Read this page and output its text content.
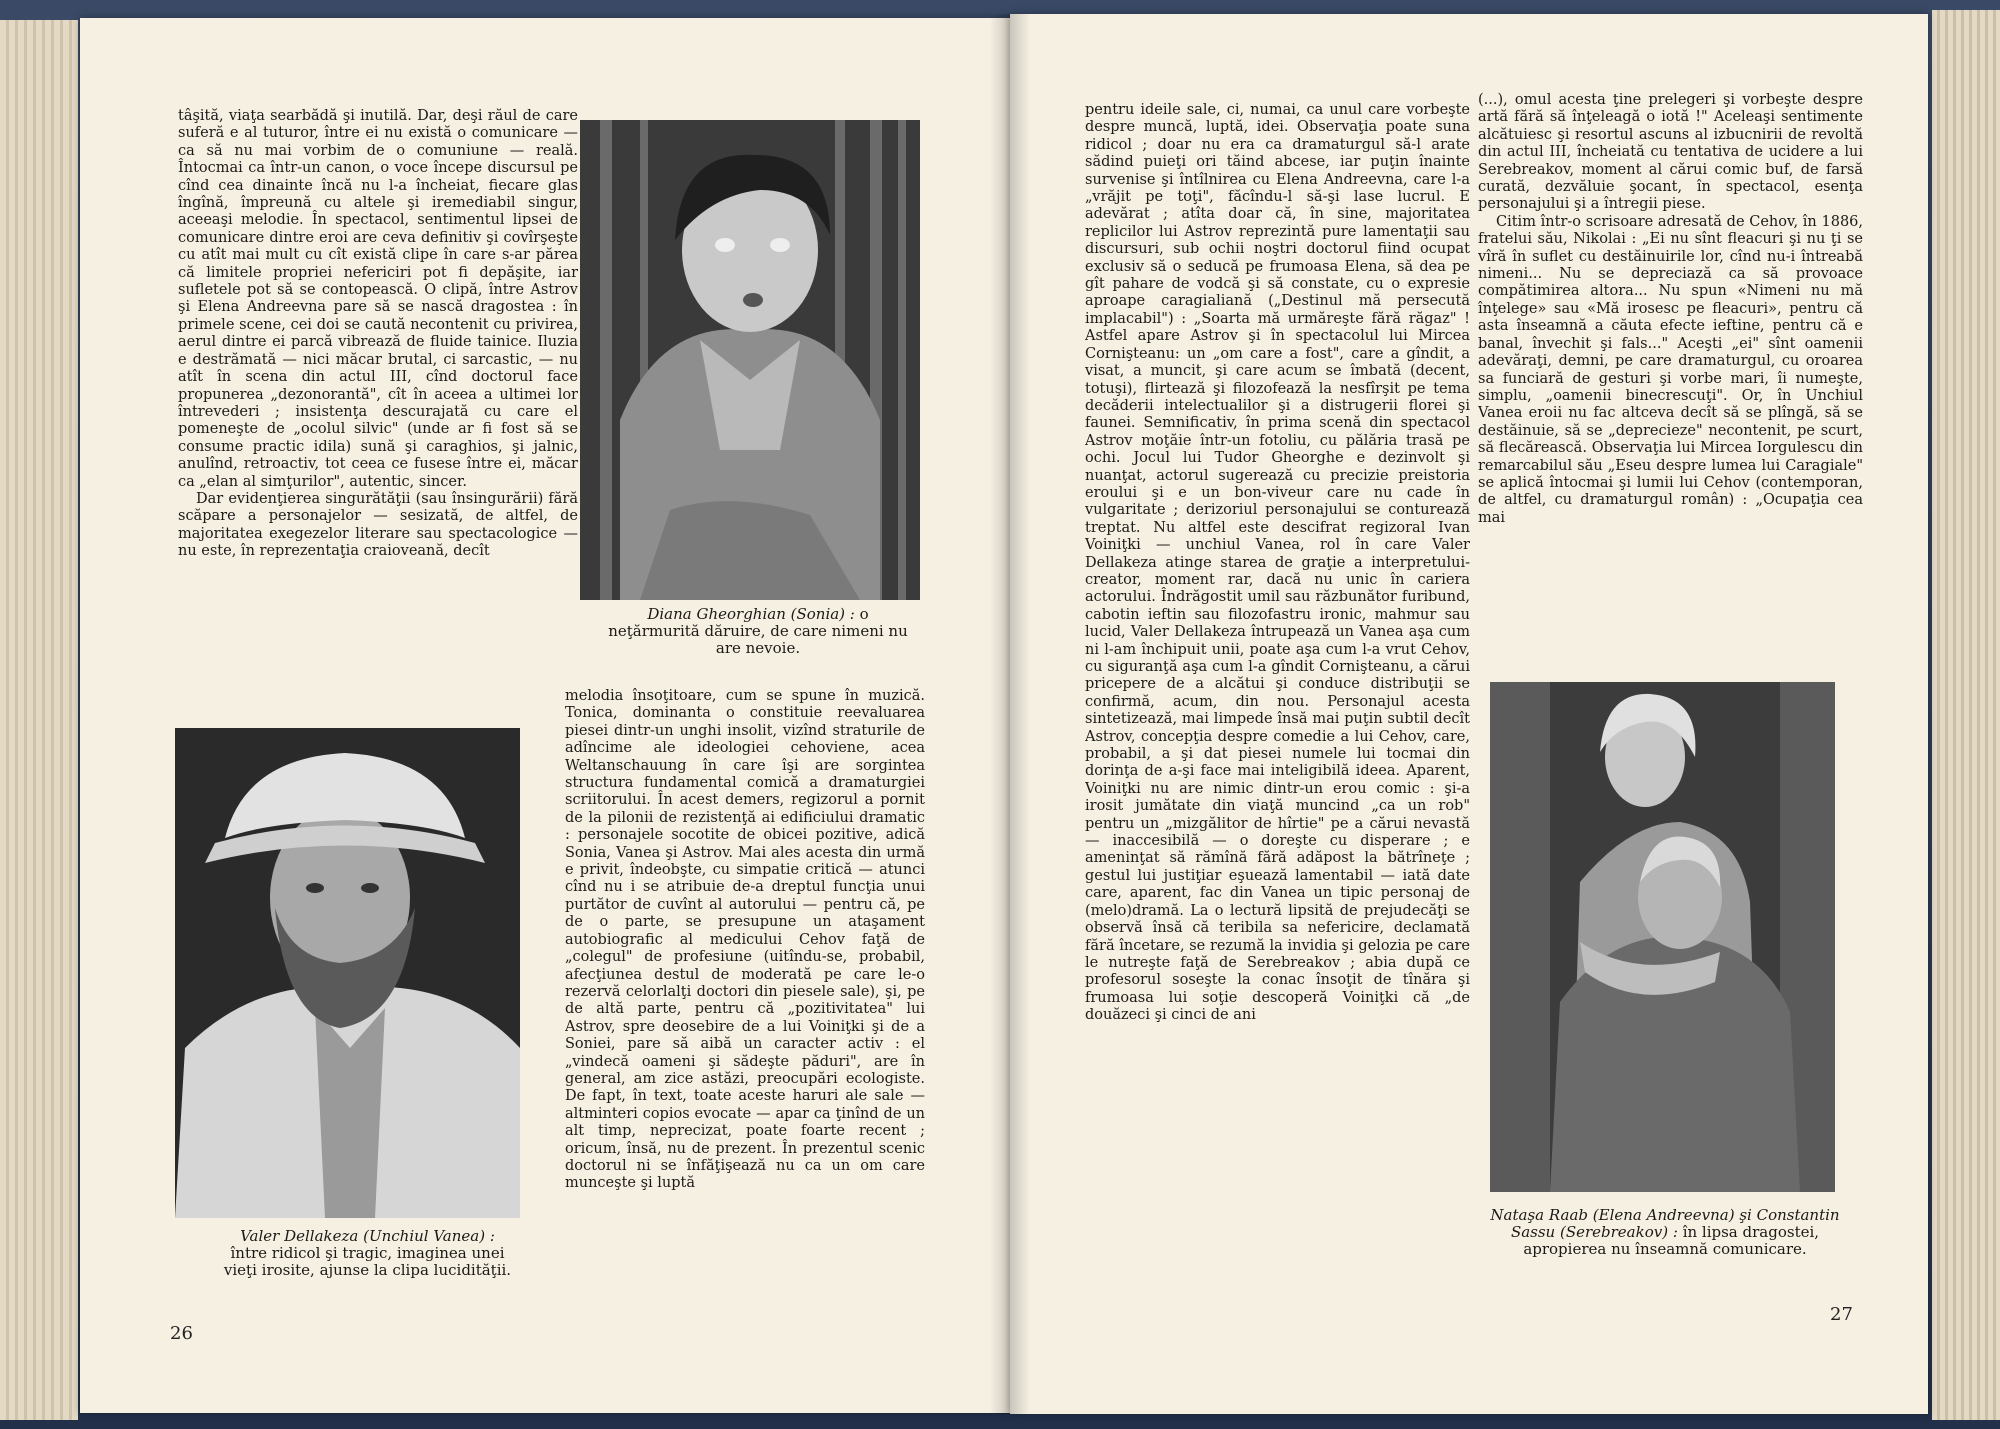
tâşită, viaţa searbădă şi inutilă. Dar, deşi răul de care suferă e al tuturor, între ei nu există o comunicare — ca să nu mai vorbim de o comuniune — reală. Întocmai ca într-un canon, o voce începe discursul pe cînd cea dinainte încă nu l-a încheiat, fiecare glas îngînă, împreună cu altele şi iremediabil singur, aceeaşi melodie. În spectacol, sentimentul lipsei de comunicare dintre eroi are ceva definitiv şi covîrşeşte cu atît mai mult cu cît există clipe în care s-ar părea că limitele propriei nefericiri pot fi depăşite, iar sufletele pot să se contopească. O clipă, între Astrov şi Elena Andreevna pare să se nască dragostea : în primele scene, cei doi se caută necontenit cu privirea, aerul dintre ei parcă vibrează de fluide tainice. Iluzia e destrămată — nici măcar brutal, ci sarcastic, — nu atît în scena din actul III, cînd doctorul face propunerea „dezonorantă", cît în aceea a ultimei lor întrevederi ; insistenţa descurajată cu care el pomeneşte de „ocolul silvic" (unde ar fi fost să se consume practic idila) sună şi caraghios, şi jalnic, anulînd, retroactiv, tot ceea ce fusese între ei, măcar ca „elan al simţurilor", autentic, sincer.

Dar evidenţierea singurătăţii (sau însingurării) fără scăpare a personajelor — sesizată, de altfel, de majoritatea exegezelor literare sau spectacologice — nu este, în reprezentaţia craioveană, decît

Diana Gheorghian (Sonia) : o neţărmurită dăruire, de care nimeni nu are nevoie.

Valer Dellakeza (Unchiul Vanea) : între ridicol şi tragic, imaginea unei vieţi irosite, ajunse la clipa lucidităţii.

melodia însoţitoare, cum se spune în muzică. Tonica, dominanta o constituie reevaluarea piesei dintr-un unghi insolit, vizînd straturile de adîncime ale ideologiei cehoviene, acea Weltanschauung în care îşi are sorgintea structura fundamental comică a dramaturgiei scriitorului. În acest demers, regizorul a pornit de la pilonii de rezistenţă ai edificiului dramatic : personajele socotite de obicei pozitive, adică Sonia, Vanea şi Astrov. Mai ales acesta din urmă e privit, îndeobşte, cu simpatie critică — atunci cînd nu i se atribuie de-a dreptul funcţia unui purtător de cuvînt al autorului — pentru că, pe de o parte, se presupune un ataşament autobiografic al medicului Cehov faţă de „colegul" de profesiune (uitîndu-se, probabil, afecţiunea destul de moderată pe care le-o rezervă celorlalţi doctori din piesele sale), şi, pe de altă parte, pentru că „pozitivitatea" lui Astrov, spre deosebire de a lui Voiniţki şi de a Soniei, pare să aibă un caracter activ : el „vindecă oameni şi sădeşte păduri", are în general, am zice astăzi, preocupări ecologiste. De fapt, în text, toate aceste haruri ale sale — altminteri copios evocate — apar ca ţinînd de un alt timp, neprecizat, poate foarte recent ; oricum, însă, nu de prezent. În prezentul scenic doctorul ni se înfăţişează nu ca un om care munceşte şi luptă

26

pentru ideile sale, ci, numai, ca unul care vorbeşte despre muncă, luptă, idei. Observaţia poate suna ridicol ; doar nu era ca dramaturgul să-l arate sădind puieţi ori tăind abcese, iar puţin înainte survenise şi întîlnirea cu Elena Andreevna, care l-a „vrăjit pe toţi", făcîndu-l să-şi lase lucrul. E adevărat ; atîta doar că, în sine, majoritatea replicilor lui Astrov reprezintă pure lamentaţii sau discursuri, sub ochii noştri doctorul fiind ocupat exclusiv să o seducă pe frumoasa Elena, să dea pe gît pahare de vodcă şi să constate, cu o expresie aproape caragialiană („Destinul mă persecută implacabil") : „Soarta mă urmăreşte fără răgaz" ! Astfel apare Astrov şi în spectacolul lui Mircea Cornişteanu: un „om care a fost", care a gîndit, a visat, a muncit, şi care acum se îmbată (decent, totuşi), flirtează şi filozofează la nesfîrşit pe tema decăderii intelectualilor şi a distrugerii florei şi faunei. Semnificativ, în prima scenă din spectacol Astrov moţăie într-un fotoliu, cu pălăria trasă pe ochi. Jocul lui Tudor Gheorghe e dezinvolt şi nuanţat, actorul sugerează cu precizie preistoria eroului şi e un bon-viveur care nu cade în vulgaritate ; derizoriul personajului se conturează treptat. Nu altfel este descifrat regizoral Ivan Voiniţki — unchiul Vanea, rol în care Valer Dellakeza atinge starea de graţie a interpretului-creator, moment rar, dacă nu unic în cariera actorului. Îndrăgostit umil sau răzbunător furibund, cabotin ieftin sau filozofastru ironic, mahmur sau lucid, Valer Dellakeza întrupează un Vanea aşa cum ni l-am închipuit unii, poate aşa cum l-a vrut Cehov, cu siguranţă aşa cum l-a gîndit Cornişteanu, a cărui pricepere de a alcătui şi conduce distribuţii se confirmă, acum, din nou. Personajul acesta sintetizează, mai limpede însă mai puţin subtil decît Astrov, concepţia despre comedie a lui Cehov, care, probabil, a şi dat piesei numele lui tocmai din dorinţa de a-şi face mai inteligibilă ideea. Aparent, Voiniţki nu are nimic dintr-un erou comic : şi-a irosit jumătate din viaţă muncind „ca un rob" pentru un „mizgălitor de hîrtie" pe a cărui nevastă — inaccesibilă — o doreşte cu disperare ; e ameninţat să rămînă fără adăpost la bătrîneţe ; gestul lui justiţiar eşuează lamentabil — iată date care, aparent, fac din Vanea un tipic personaj de (melo)dramă. La o lectură lipsită de prejudecăţi se observă însă că teribila sa nefericire, declamată fără încetare, se rezumă la invidia şi gelozia pe care le nutreşte faţă de Serebreakov ; abia după ce profesorul soseşte la conac însoţit de tînăra şi frumoasa lui soţie descoperă Voiniţki că „de douăzeci şi cinci de ani

(...), omul acesta ţine prelegeri şi vorbeşte despre artă fără să înţeleagă o iotă !" Aceleaşi sentimente alcătuiesc şi resortul ascuns al izbucnirii de revoltă din actul III, încheiată cu tentativa de ucidere a lui Serebreakov, moment al cărui comic buf, de farsă curată, dezvăluie şocant, în spectacol, esenţa personajului şi a întregii piese.

Citim într-o scrisoare adresată de Cehov, în 1886, fratelui său, Nikolai : „Ei nu sînt fleacuri şi nu ţi se vîră în suflet cu destăinuirile lor, cînd nu-i întreabă nimeni... Nu se depreciază ca să provoace compătimirea altora... Nu spun «Nimeni nu mă înţelege» sau «Mă irosesc pe fleacuri», pentru că asta înseamnă a căuta efecte ieftine, pentru că e banal, învechit şi fals..." Aceşti „ei" sînt oamenii adevăraţi, demni, pe care dramaturgul, cu oroarea sa funciară de gesturi şi vorbe mari, îi numeşte, simplu, „oamenii binecrescuţi". Or, în Unchiul Vanea eroii nu fac altceva decît să se plîngă, să se destăinuie, să se „deprecieze" necontenit, pe scurt, să flecărească. Observaţia lui Mircea Iorgulescu din remarcabilul său „Eseu despre lumea lui Caragiale" se aplică întocmai şi lumii lui Cehov (contemporan, de altfel, cu dramaturgul român) : „Ocupaţia cea mai

Nataşa Raab (Elena Andreevna) şi Constantin Sassu (Serebreakov) : în lipsa dragostei, apropierea nu înseamnă comunicare.

27
